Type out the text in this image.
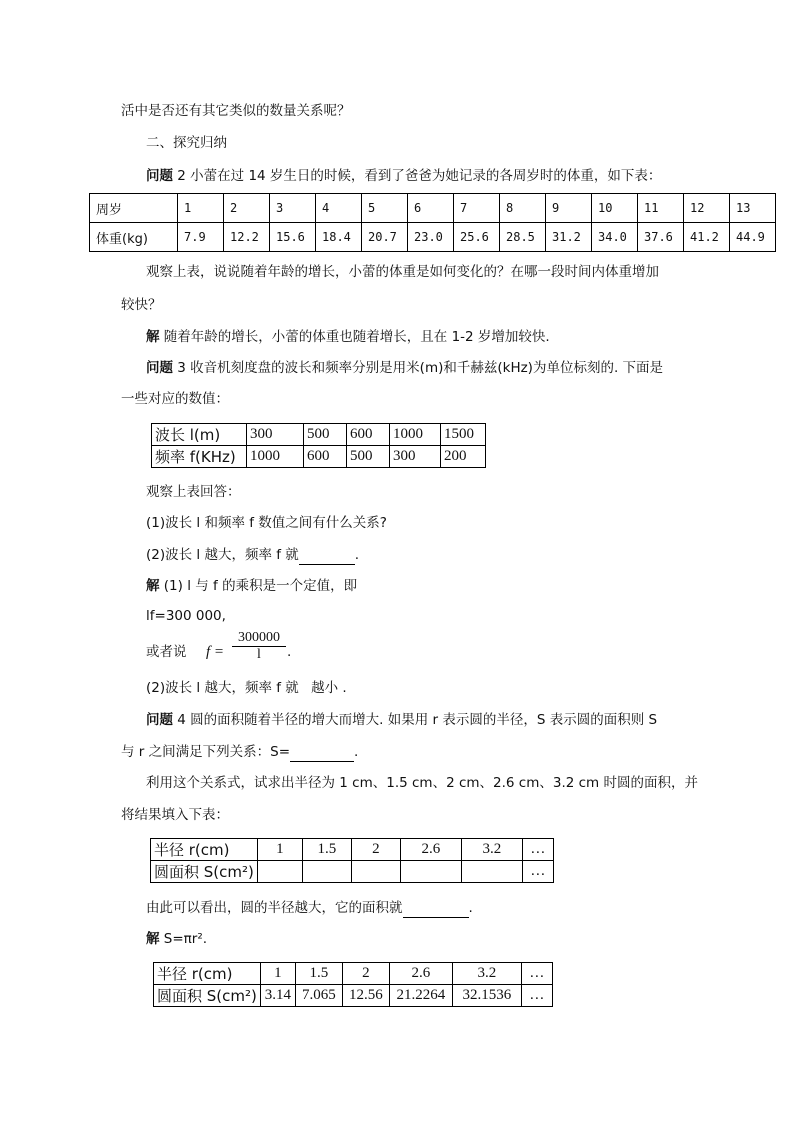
活中是否还有其它类似的数量关系呢？
二、探究归纳
问题 2 小蕾在过 14 岁生日的时候，看到了爸爸为她记录的各周岁时的体重，如下表：
周岁	1	2	3	4	5	6	7	8	9	10	11	12	13
体重(kg)	7.9	12.2	15.6	18.4	20.7	23.0	25.6	28.5	31.2	34.0	37.6	41.2	44.9
观察上表，说说随着年龄的增长，小蕾的体重是如何变化的？在哪一段时间内体重增加
较快？
解 随着年龄的增长，小蕾的体重也随着增长，且在 1-2 岁增加较快.
问题 3 收音机刻度盘的波长和频率分别是用米(m)和千赫兹(kHz)为单位标刻的. 下面是
一些对应的数值：
波长 l(m)	300	500	600	1000	1500
频率 f(KHz)	1000	600	500	300	200
观察上表回答：
(1)波长 l 和频率 f 数值之间有什么关系?
(2)波长 l 越大，频率 f 就	.
解 (1) l 与 f 的乘积是一个定值，即
lf=300 000,
或者说 f =
300000
l	.
(2)波长 l 越大，频率 f 就 越小 .
问题 4 圆的面积随着半径的增大而增大. 如果用 r 表示圆的半径，S 表示圆的面积则 S
与 r 之间满足下列关系：S=	.
利用这个关系式，试求出半径为 1 cm、1.5 cm、2 cm、2.6 cm、3.2 cm 时圆的面积，并
将结果填入下表：
半径 r(cm)	1	1.5	2	2.6	3.2	…
圆面积 S(cm²)						…
由此可以看出，圆的半径越大，它的面积就	.
解 S=πr².
半径 r(cm)	1	1.5	2	2.6	3.2	…
圆面积 S(cm²)	3.14	7.065	12.56	21.2264	32.1536	…
